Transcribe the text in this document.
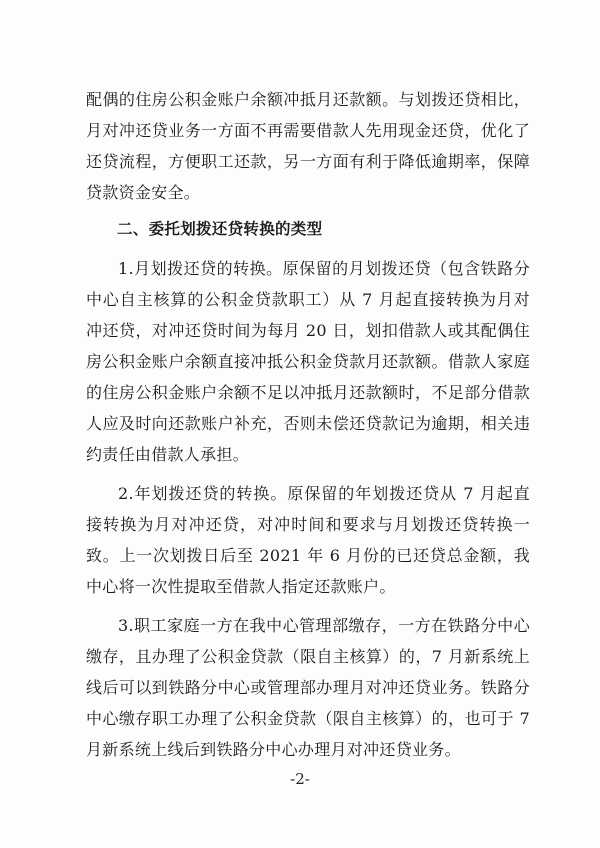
配偶的住房公积金账户余额冲抵月还款额。与划拨还贷相比，月对冲还贷业务一方面不再需要借款人先用现金还贷，优化了还贷流程，方便职工还款，另一方面有利于降低逾期率，保障贷款资金安全。

二、委托划拨还贷转换的类型

1.月划拨还贷的转换。原保留的月划拨还贷（包含铁路分中心自主核算的公积金贷款职工）从 7 月起直接转换为月对冲还贷，对冲还贷时间为每月 20 日，划扣借款人或其配偶住房公积金账户余额直接冲抵公积金贷款月还款额。借款人家庭的住房公积金账户余额不足以冲抵月还款额时，不足部分借款人应及时向还款账户补充，否则未偿还贷款记为逾期，相关违约责任由借款人承担。

2.年划拨还贷的转换。原保留的年划拨还贷从 7 月起直接转换为月对冲还贷，对冲时间和要求与月划拨还贷转换一致。上一次划拨日后至 2021 年 6 月份的已还贷总金额，我中心将一次性提取至借款人指定还款账户。

3.职工家庭一方在我中心管理部缴存，一方在铁路分中心缴存，且办理了公积金贷款（限自主核算）的，7 月新系统上线后可以到铁路分中心或管理部办理月对冲还贷业务。铁路分中心缴存职工办理了公积金贷款（限自主核算）的，也可于 7 月新系统上线后到铁路分中心办理月对冲还贷业务。

-2-
